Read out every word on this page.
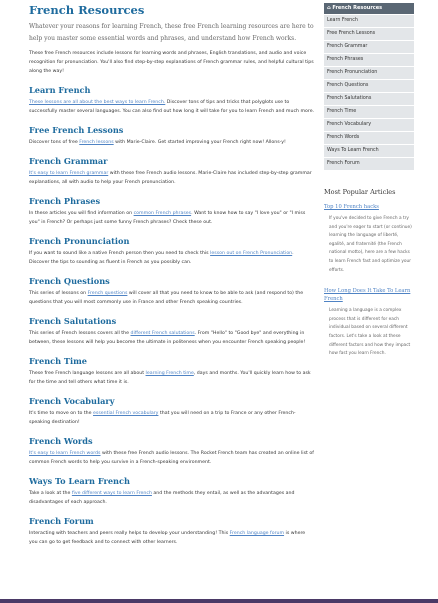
French Resources

Whatever your reasons for learning French, these free French learning resources are here to help you master some essential words and phrases, and understand how French works.

These free French resources include lessons for learning words and phrases, English translations, and audio and voice recognition for pronunciation. You'll also find step-by-step explanations of French grammar rules, and helpful cultural tips along the way!

Learn French

These lessons are all about the best ways to learn French. Discover tons of tips and tricks that polyglots use to successfully master several languages. You can also find out how long it will take for you to learn French and much more.

Free French Lessons

Discover tons of free French lessons with Marie-Claire. Get started improving your French right now! Allons-y!

French Grammar

It's easy to learn French grammar with these free French audio lessons. Marie-Claire has included step-by-step grammar explanations, all with audio to help your French pronunciation.

French Phrases

In these articles you will find information on common French phrases. Want to know how to say "I love you" or "I miss you" in French? Or perhaps just some funny French phrases? Check these out.

French Pronunciation

If you want to sound like a native French person then you need to check this lesson out on French Pronunciation. Discover the tips to sounding as fluent in French as you possibly can.

French Questions

This series of lessons on French questions will cover all that you need to know to be able to ask (and respond to) the questions that you will most commonly use in France and other French speaking countries.

French Salutations

This series of French lessons covers all the different French salutations. From "Hello" to "Good bye" and everything in between, these lessons will help you become the ultimate in politeness when you encounter French speaking people!

French Time

These free French language lessons are all about learning French time, days and months. You'll quickly learn how to ask for the time and tell others what time it is.

French Vocabulary

It's time to move on to the essential French vocabulary that you will need on a trip to France or any other French-speaking destination!

French Words

It's easy to learn French words with these free French audio lessons. The Rocket French team has created an online list of common French words to help you survive in a French-speaking environment.

Ways To Learn French

Take a look at the five different ways to learn French and the methods they entail, as well as the advantages and disadvantages of each approach.

French Forum

Interacting with teachers and peers really helps to develop your understanding! This French language forum is where you can go to get feedback and to connect with other learners.

⌂ French Resources
Learn French
Free French Lessons
French Grammar
French Phrases
French Pronunciation
French Questions
French Salutations
French Time
French Vocabulary
French Words
Ways To Learn French
French Forum
Most Popular Articles
Top 10 French hacks
If you've decided to give French a try and you're eager to start (or continue) learning the language of liberté, egalité, and fraternité (the French national motto), here are a few hacks to learn French fast and optimize your efforts.
How Long Does It Take To Learn French
Learning a language is a complex process that is different for each individual based on several different factors. Let's take a look at these different factors and how they impact how fast you learn French.
